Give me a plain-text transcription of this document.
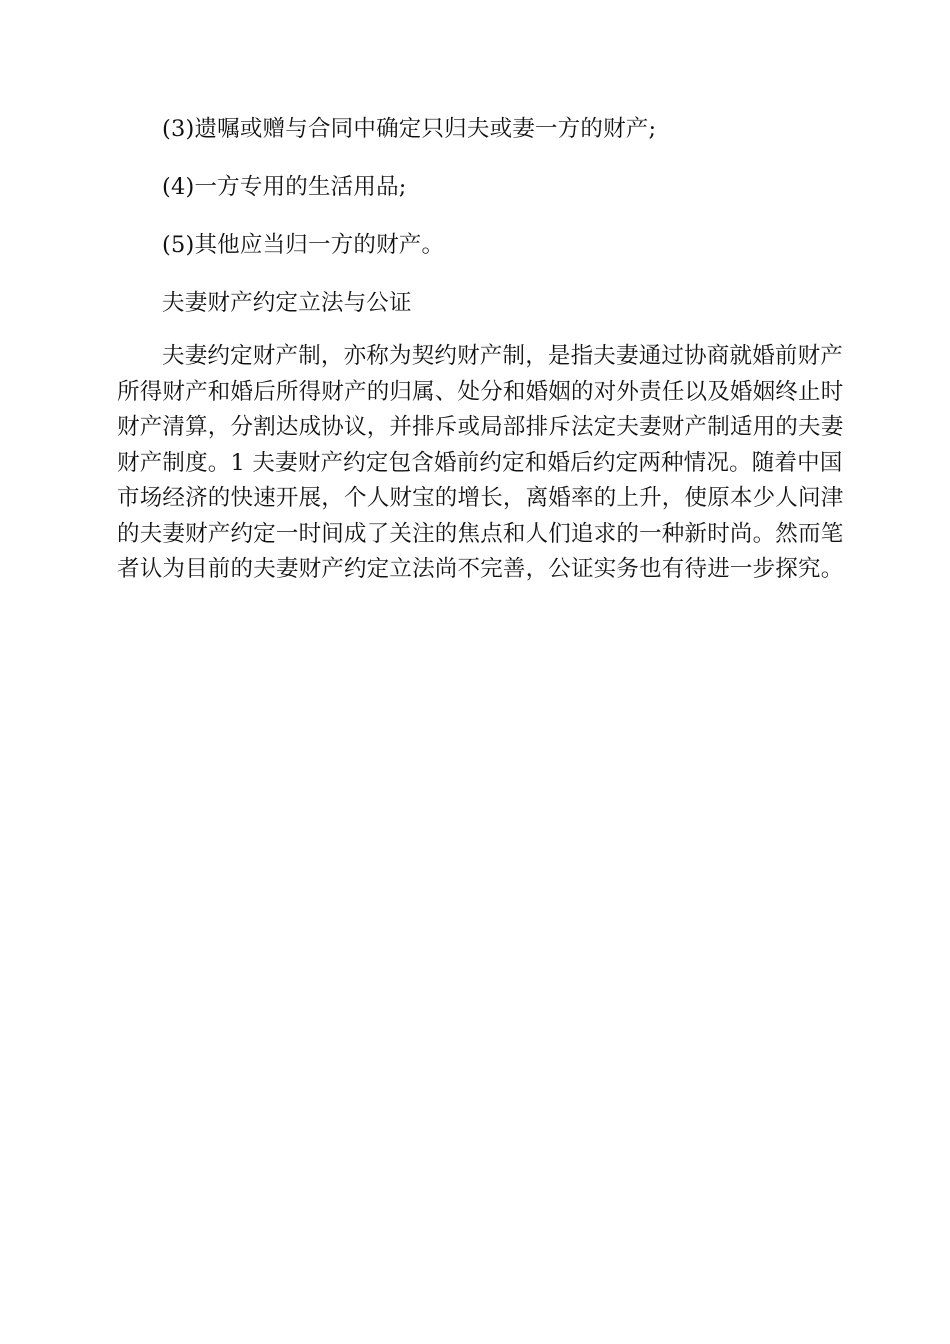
(3)遗嘱或赠与合同中确定只归夫或妻一方的财产;
(4)一方专用的生活用品;
(5)其他应当归一方的财产。
夫妻财产约定立法与公证
夫妻约定财产制，亦称为契约财产制，是指夫妻通过协商就婚前财产
所得财产和婚后所得财产的归属、处分和婚姻的对外责任以及婚姻终止时
财产清算，分割达成协议，并排斥或局部排斥法定夫妻财产制适用的夫妻
财产制度。1 夫妻财产约定包含婚前约定和婚后约定两种情况。随着中国
市场经济的快速开展，个人财宝的增长，离婚率的上升，使原本少人问津
的夫妻财产约定一时间成了关注的焦点和人们追求的一种新时尚。然而笔
者认为目前的夫妻财产约定立法尚不完善，公证实务也有待进一步探究。
